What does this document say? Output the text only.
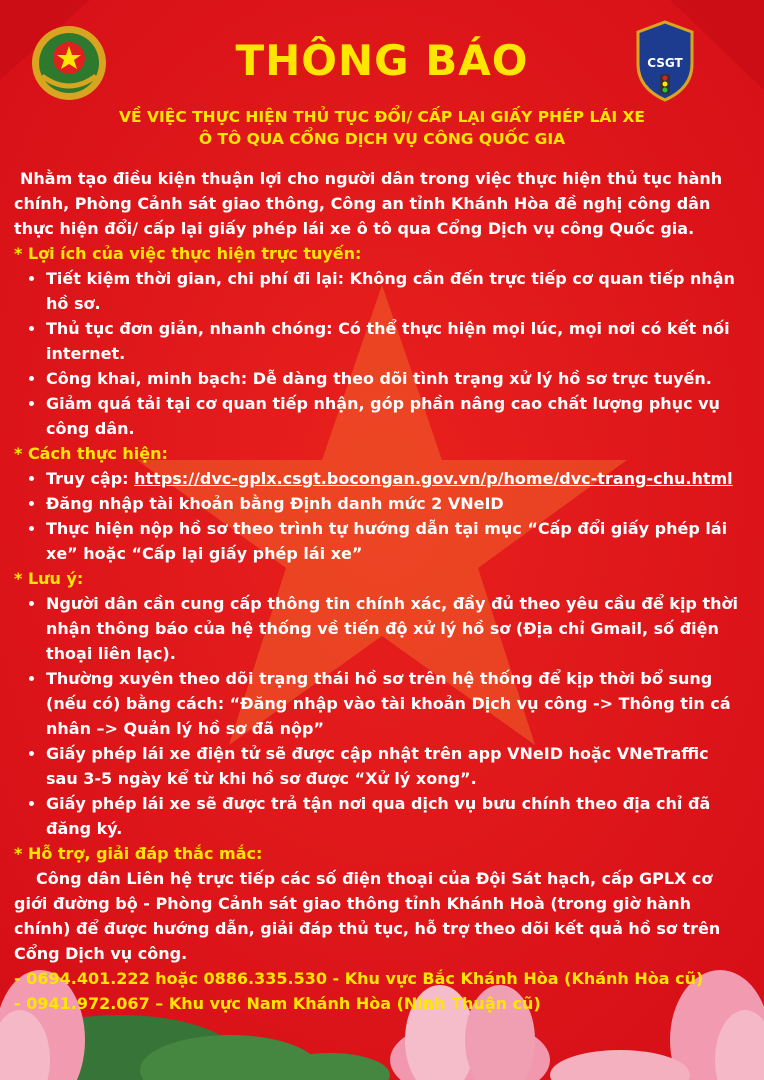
CSGT
THÔNG BÁO
VỀ VIỆC THỰC HIỆN THỦ TỤC ĐỔI/ CẤP LẠI GIẤY PHÉP LÁI XE
Ô TÔ QUA CỔNG DỊCH VỤ CÔNG QUỐC GIA

Nhằm tạo điều kiện thuận lợi cho người dân trong việc thực hiện thủ tục hành chính, Phòng Cảnh sát giao thông, Công an tỉnh Khánh Hòa đề nghị công dân thực hiện đổi/ cấp lại giấy phép lái xe ô tô qua Cổng Dịch vụ công Quốc gia.

* Lợi ích của việc thực hiện trực tuyến:

• Tiết kiệm thời gian, chi phí đi lại: Không cần đến trực tiếp cơ quan tiếp nhận hồ sơ.
• Thủ tục đơn giản, nhanh chóng: Có thể thực hiện mọi lúc, mọi nơi có kết nối internet.
• Công khai, minh bạch: Dễ dàng theo dõi tình trạng xử lý hồ sơ trực tuyến.
• Giảm quá tải tại cơ quan tiếp nhận, góp phần nâng cao chất lượng phục vụ công dân.

* Cách thực hiện:

• Truy cập: https://dvc-gplx.csgt.bocongan.gov.vn/p/home/dvc-trang-chu.html
• Đăng nhập tài khoản bằng Định danh mức 2 VNeID
• Thực hiện nộp hồ sơ theo trình tự hướng dẫn tại mục “Cấp đổi giấy phép lái xe” hoặc “Cấp lại giấy phép lái xe”

* Lưu ý:

• Người dân cần cung cấp thông tin chính xác, đầy đủ theo yêu cầu để kịp thời nhận thông báo của hệ thống về tiến độ xử lý hồ sơ (Địa chỉ Gmail, số điện thoại liên lạc).
• Thường xuyên theo dõi trạng thái hồ sơ trên hệ thống để kịp thời bổ sung (nếu có) bằng cách: “Đăng nhập vào tài khoản Dịch vụ công -> Thông tin cá nhân –> Quản lý hồ sơ đã nộp”
• Giấy phép lái xe điện tử sẽ được cập nhật trên app VNeID hoặc VNeTraffic sau 3-5 ngày kể từ khi hồ sơ được “Xử lý xong”.
• Giấy phép lái xe sẽ được trả tận nơi qua dịch vụ bưu chính theo địa chỉ đã đăng ký.

* Hỗ trợ, giải đáp thắc mắc:

Công dân Liên hệ trực tiếp các số điện thoại của Đội Sát hạch, cấp GPLX cơ giới đường bộ - Phòng Cảnh sát giao thông tỉnh Khánh Hoà (trong giờ hành chính) để được hướng dẫn, giải đáp thủ tục, hỗ trợ theo dõi kết quả hồ sơ trên Cổng Dịch vụ công.

- 0694.401.222 hoặc 0886.335.530 - Khu vực Bắc Khánh Hòa (Khánh Hòa cũ)

- 0941.972.067 – Khu vực Nam Khánh Hòa (Ninh Thuận cũ)
